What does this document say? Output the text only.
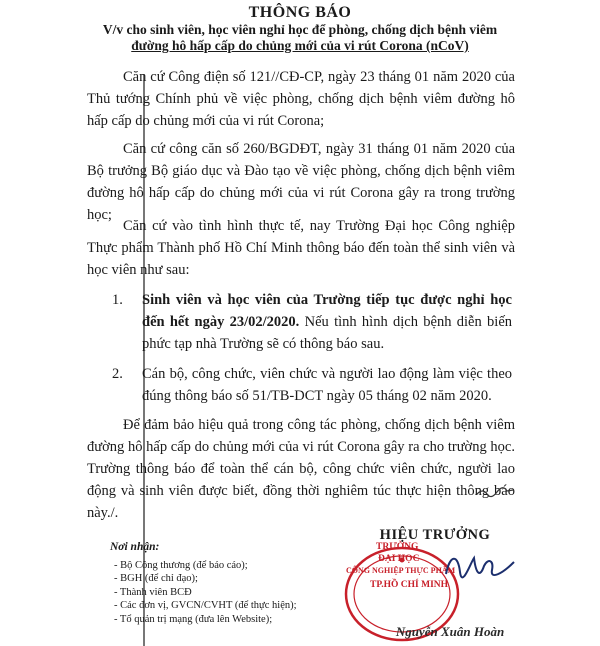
THÔNG BÁO
V/v cho sinh viên, học viên nghỉ học để phòng, chống dịch bệnh viêm
đường hô hấp cấp do chủng mới của vi rút Corona (nCoV)
Căn cứ Công điện số 121//CĐ-CP, ngày 23 tháng 01 năm 2020 của Thủ tướng Chính phủ về việc phòng, chống dịch bệnh viêm đường hô hấp cấp do chủng mới của vi rút Corona;
Căn cứ công căn số 260/BGDĐT, ngày 31 tháng 01 năm 2020 của Bộ trưởng Bộ giáo dục và Đào tạo về việc phòng, chống dịch bệnh viêm đường hô hấp cấp do chủng mới của vi rút Corona gây ra trong trường học;
Căn cứ vào tình hình thực tế, nay Trường Đại học Công nghiệp Thực phẩm Thành phố Hồ Chí Minh thông báo đến toàn thể sinh viên và học viên như sau:
1. Sinh viên và học viên của Trường tiếp tục được nghỉ học đến hết ngày 23/02/2020. Nếu tình hình dịch bệnh diễn biến phức tạp nhà Trường sẽ có thông báo sau.
2. Cán bộ, công chức, viên chức và người lao động làm việc theo đúng thông báo số 51/TB-DCT ngày 05 tháng 02 năm 2020.
Để đảm bảo hiệu quả trong công tác phòng, chống dịch bệnh viêm đường hô hấp cấp do chủng mới của vi rút Corona gây ra cho trường học. Trường thông báo để toàn thể cán bộ, công chức viên chức, người lao động và sinh viên được biết, đồng thời nghiêm túc thực hiện thông báo này./.
TRƯỜNG
ĐẠI HỌC
CÔNG NGHIỆP THỰC PHẨM
TP.HỒ CHÍ MINH
HIỆU TRƯỞNG
Nguyễn Xuân Hoàn
Nơi nhận:
- Bộ Công thương (để báo cáo);
- BGH (để chỉ đạo);
- Thành viên BCĐ
- Các đơn vị, GVCN/CVHT (để thực hiện);
- Tổ quản trị mạng (đưa lên Website);
